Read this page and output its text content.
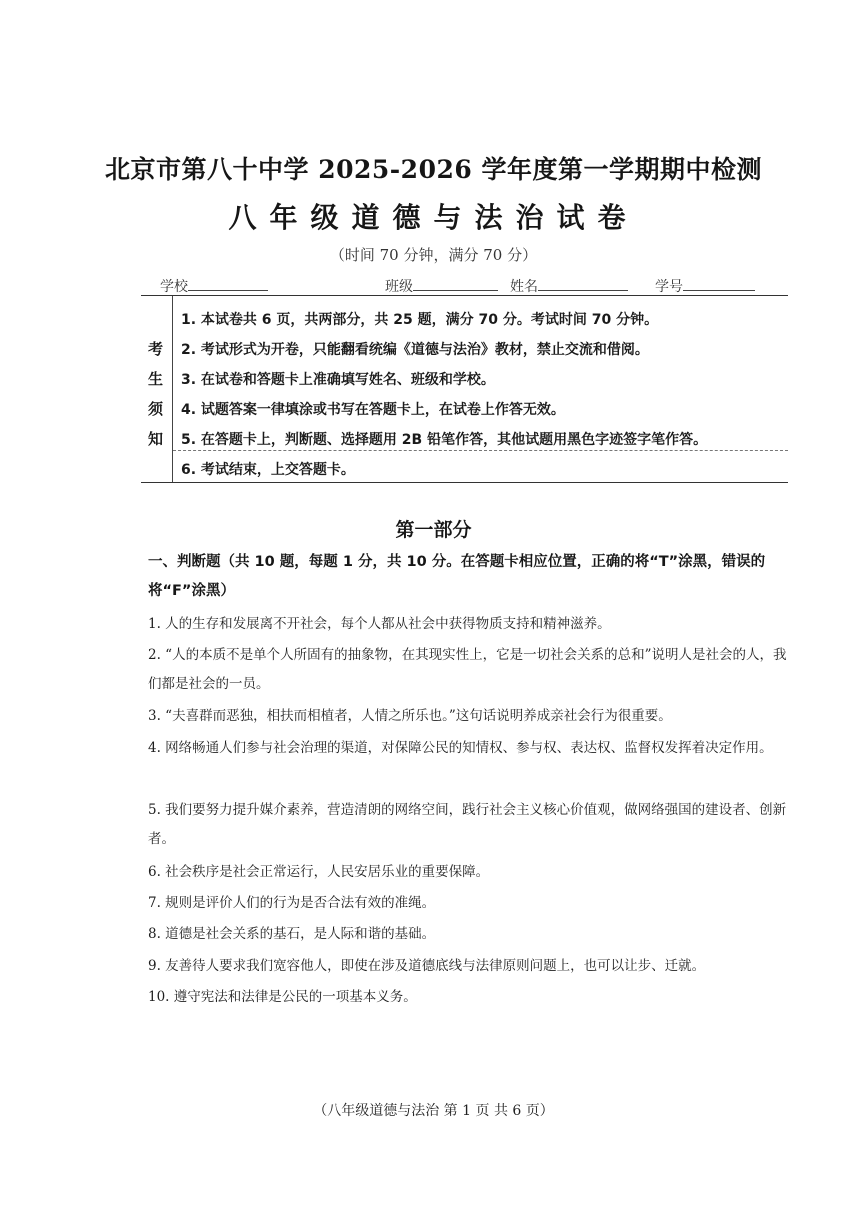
北京市第八十中学 2025-2026 学年度第一学期期中检测
八年级道德与法治试卷
（时间 70 分钟，满分 70 分）
学校	班级	姓名	学号
考
生
须
知
1. 本试卷共 6 页，共两部分，共 25 题，满分 70 分。考试时间 70 分钟。
2. 考试形式为开卷，只能翻看统编《道德与法治》教材，禁止交流和借阅。
3. 在试卷和答题卡上准确填写姓名、班级和学校。
4. 试题答案一律填涂或书写在答题卡上，在试卷上作答无效。
5. 在答题卡上，判断题、选择题用 2B 铅笔作答，其他试题用黑色字迹签字笔作答。
6. 考试结束，上交答题卡。
第一部分
一、判断题（共 10 题，每题 1 分，共 10 分。在答题卡相应位置，正确的将“T”涂黑，错误的将“F”涂黑）
1. 人的生存和发展离不开社会，每个人都从社会中获得物质支持和精神滋养。
2. “人的本质不是单个人所固有的抽象物，在其现实性上，它是一切社会关系的总和”说明人是社会的人，我们都是社会的一员。
3. “夫喜群而恶独，相扶而相植者，人情之所乐也。”这句话说明养成亲社会行为很重要。
4. 网络畅通人们参与社会治理的渠道，对保障公民的知情权、参与权、表达权、监督权发挥着决定作用。
5. 我们要努力提升媒介素养，营造清朗的网络空间，践行社会主义核心价值观，做网络强国的建设者、创新者。
6. 社会秩序是社会正常运行，人民安居乐业的重要保障。
7. 规则是评价人们的行为是否合法有效的准绳。
8. 道德是社会关系的基石，是人际和谐的基础。
9. 友善待人要求我们宽容他人，即使在涉及道德底线与法律原则问题上，也可以让步、迁就。
10. 遵守宪法和法律是公民的一项基本义务。
（八年级道德与法治 第 1 页 共 6 页）
